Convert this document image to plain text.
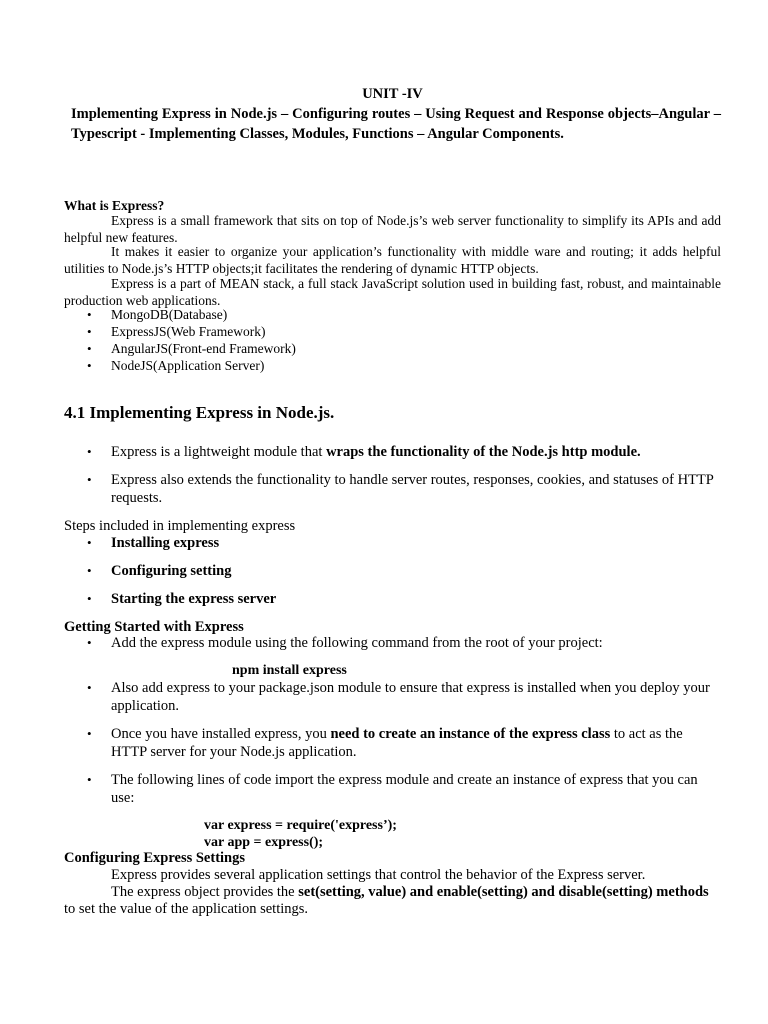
UNIT -IV
Implementing Express in Node.js – Configuring routes – Using Request and Response objects–Angular – Typescript - Implementing Classes, Modules, Functions – Angular Components.
What is Express?
Express is a small framework that sits on top of Node.js’s web server functionality to simplify its APIs and add helpful new features.
It makes it easier to organize your application’s functionality with middle ware and routing; it adds helpful utilities to Node.js’s HTTP objects;it facilitates the rendering of dynamic HTTP objects.
Express is a part of MEAN stack, a full stack JavaScript solution used in building fast, robust, and maintainable production web applications.
• MongoDB(Database)
• ExpressJS(Web Framework)
• AngularJS(Front-end Framework)
• NodeJS(Application Server)
4.1 Implementing Express in Node.js.
• Express is a lightweight module that wraps the functionality of the Node.js http module.
• Express also extends the functionality to handle server routes, responses, cookies, and statuses of HTTP requests.
Steps included in implementing express
• Installing express
• Configuring setting
• Starting the express server
Getting Started with Express
• Add the express module using the following command from the root of your project:
npm install express
• Also add express to your package.json module to ensure that express is installed when you deploy your application.
• Once you have installed express, you need to create an instance of the express class to act as the HTTP server for your Node.js application.
• The following lines of code import the express module and create an instance of express that you can use:
var express = require('express’);
var app = express();
Configuring Express Settings
Express provides several application settings that control the behavior of the Express server.
The express object provides the set(setting, value) and enable(setting) and disable(setting) methods to set the value of the application settings.
